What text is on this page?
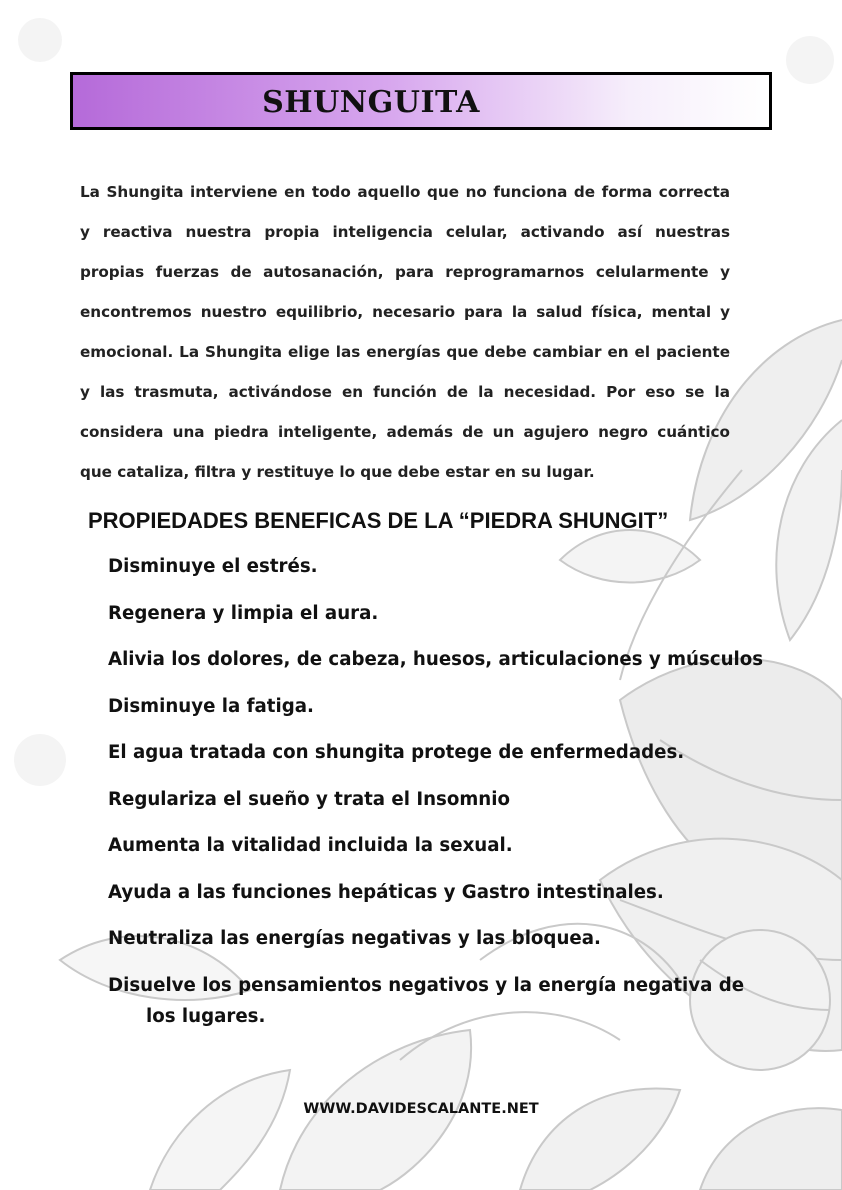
SHUNGUITA
La Shungita interviene en todo aquello que no funciona de forma correcta y reactiva nuestra propia inteligencia celular, activando así nuestras propias fuerzas de autosanación, para reprogramarnos celularmente y encontremos nuestro equilibrio, necesario para la salud física, mental y emocional. La Shungita elige las energías que debe cambiar en el paciente y las trasmuta, activándose en función de la necesidad. Por eso se la considera una piedra inteligente, además de un agujero negro cuántico que cataliza, filtra y restituye lo que debe estar en su lugar.
PROPIEDADES BENEFICAS DE LA “PIEDRA SHUNGIT”
Disminuye el estrés.
Regenera y limpia el aura.
Alivia los dolores, de cabeza, huesos, articulaciones y músculos
Disminuye la fatiga.
El agua tratada con shungita protege de enfermedades.
Regulariza el sueño y trata el Insomnio
Aumenta la vitalidad incluida la sexual.
Ayuda a las funciones hepáticas y Gastro intestinales.
Neutraliza las energías negativas y las bloquea.
Disuelve los pensamientos negativos y la energía negativa de los lugares.
WWW.DAVIDESCALANTE.NET
